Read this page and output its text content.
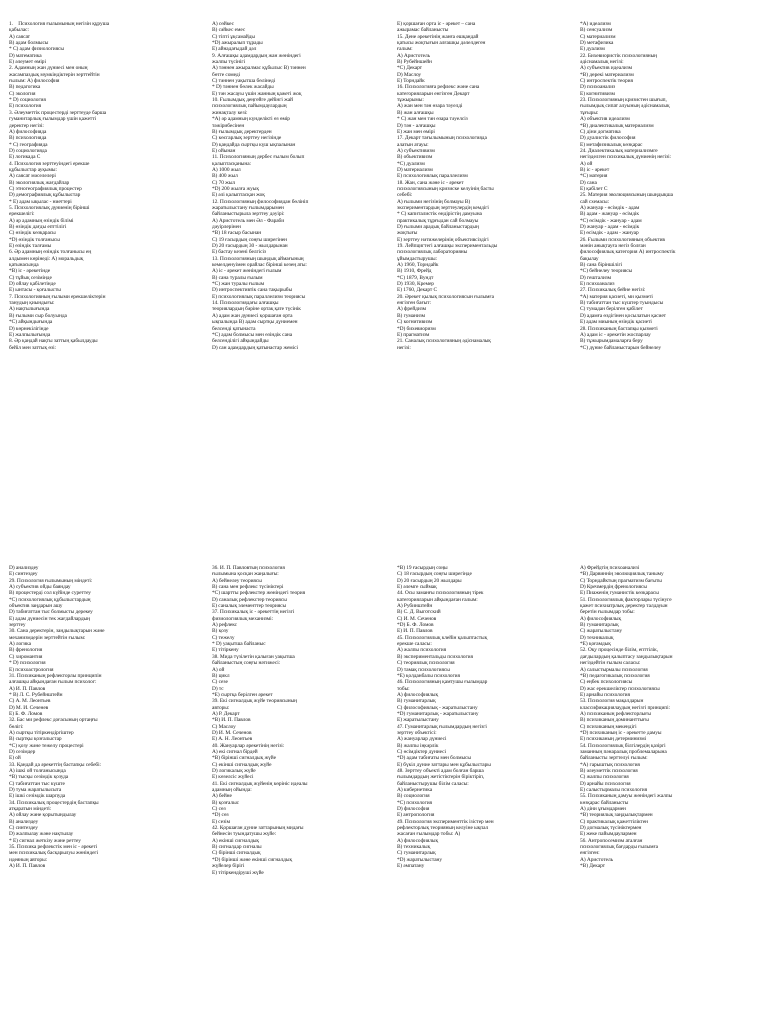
1. Психология ғылымының негізін құруша
қабылас:
A) саясат
B) адам болмысы
* C) адам физиологиясы
D) математика
E) әлеумет өмірі
2. Адамның жан дүниесі мен оның
жасампаздық мүмкіндіктерін зерттейтін
ғылым: A) философия
B) педагогика
C) экология
* D) социология
E) психология
3. Әлеуметтік процестерді зерттеуде барша
гуманитарлық ғылымдар үшін қажетті
деректер негізі:
A) философияда
B) психологияда
* C) географияда
D) социологияда
E) логикада C
4. Психология зерттеуіндегі ерекше
құбылыстар ауқымы:
A) саясат мәселелері
B) экологиялық жағдайлар
C) этногеографиялық процестер
D) демографиялық құбылыстар
* E) адам ықылас - ниеттері
5. Психологиялық дүниенің бірінші
ерекшелігі:
A) әр адамның өзіндік білімі
B) өзіндік дағды епттілігі
C) өзіндік көзқарасы
*D) өзіндік толғанысы
E) өзіндік талғамы
6. Әр адамның өзіндік толғанысы ең
алдымен көрінеді: A) моральдық
қатынасында
*B) іс - әрекетінде
C) тұйық сезімінде
D) ойлау қабілетінде
E) ынтасы - қоғалысты
7. Психологияның ғылыми ерекшеліктерін
танудың қиындығы:
A) нақтылығында
B) ғылыми сыр болуында
*C) айқындығында
D) көрнекілігінде
E) жалпылығында
8. Әр қандай нақты заттың қабылдауды
бейіл мен заттық өзі:
A) сөйкес
B) сәйкес емес
C) тіпті ұқсамайды
*D) ажыралып тұрады
E) айнадағыдай дәл
9. Алғашқы адамдардың жан жөніндегі
жалпы түсінігі
A) тәннен ажыралмас құбылыс B) тәннен
бөтге сомеді
C) тәннен уақытша бөлінеді
* D) тәннен бөлек жасайды
E) тән жасауы үшін жанның қажеті жоқ
10. Ғылымдық деңгейге дейінгі жай
психологиялық пайымдаулардың
жинақталу кезі:
*A) әр адамның күнделікті өз өмір
тәжірибесінен
B) ғылымдық деректерден
C) көсгарлық зерттеу негізінде
D) қандайда сыртқы күш ықпалынан
E) ойынан
11. Психологияның дербес ғылым болып
қалыптасқанына:
A) 1000 жыл
B) 400 жыл
C) 70 жыл
*D) 200 жылға жуық
E) әлі қалыптасқан жоқ
12. Психологияның философиядан бөлініп
жаратылыстану ғылымдарымен
байланыстырыла зерттеу дәуірі:
A) Аристотель мен Әл - Фараби
дәуірлерінен
*B) 18 ғасыр басынан
C) 19 ғасырдың соңғы ширегінен
D) 20 ғасырдың 30 - жылдарынан
E) бастау кезені белгісіз
13. Психологияның шындық аймағының
кемелденуімен орайлас бірінші кезең аты:
A) іс - әрекет жөніндегі ғылым
B) сана туралы ғылым
*C) жан туралы ғылым
D) интроспективтік сана тақырыбы
E) психологиялық параллелизм теориясы
14. Психологиядағы алғашқы
теориялардың бәріне ортақ қате түсінік
A) адам жан дүниесі қоршаған орта
ықпалында B) адам сыртқы дүниемен
белсенді қатынаста
*C) адам болмысы мен өзіндік сана
белсенділігі айқындайды
D) сан адамдардың қатынастар жемісі
E) қоршаған орта іс - әрекет – сана
ажырамас байланысты
15. Дене әрекетінің жанға ешқандай
қатысы жоқтығын алғашқы дәлелдеген
ғалым:
A) Аристотель
B) Рубейншейн
*C) Декарт
D) Маслоу
E) Торндайк
16. Психологияға рефлекс және сана
категорияларын енгізген Декарт
тұжырымы:
A) жан мен тән өзара тәуелді
B) жан алғашқы
* C) жан мен тән өзара тәуелсіз
D) тән - алғашқы
E) жан мен өмірі
17. Декарт тағылымының психологияда
алатын атауы:
A) субъективизм
B) объективизм
*C) дуализм
D) материализм
E) психологиялық параллелизм
18. Жан, сана және іс - әрекет
психологиясының кризиске келуінің басты
себебі:
A) ғылыми негізінің болмауы B)
экспериментардың зерттеулердің кемдігі
* C) капиталистік өндірістің дамуына
практикалық тұрғыдан сай болмауы
D) ғылыми арадық байланыстардың
жоқтығы
E) зерттеу нәтижелерінің объективсіздігі
19. Лейпцигтегі алғашқы экспериментальды
психологиялық лабораторияны
ұйымдастырушы:
A) 1960, Торндайк
B) 1910, Фрейд
*C) 1879, Вундт
D) 1930, Кремер
E) 1760, Декарт С
20. Әрекет қылық психологиясын ғылымға
енгізген бағыт:
A) фрейдизм
B) гуманизм
C) когнитивизм
*D) бихевиоризм
E) прагматизм
21. Саналық психологияның әдіснамалық
негізі:
*A) идеализм
B) сенсуализм
C) материализм
D) метафизика
E) дуализм
22. Бихевиористік психологияның
әдіснамалық негізі:
A) субъектив идеализм
*B) дөрекі материализм
C) интроспектік теория
D) психоанализ
E) когнитивизм
23. Психологияның кризистен шығып,
ғылымдық сипат алуының әдіснамалық
тұғыры:
A) объектив идеализм
*B) диалектикалық материализм
C) діни догматика
D) дуалистік философия
E) метафизикалық көзқарас
24. Диалектикалық материализмге
негізделген психикалық дүниенің негізі:
A) ой
B) іс - әрекет
*C) материя
D) сана
E) қабілет С
25. Материя эволюциясының шыңдықша
сай схемасы:
A) жануар - өсімдік - адам
B) адам - жануар - өсімдік
*C) өсімдік - жануар - адам
D) жануар - адам - өсімдік
E) өсімдік - адам - жануар
26. Ғылыми психологияның объектив
мәнін анықтауға негіз болған
философиялық категория A) интроспектік
бақылау
B) сана біріншілігі
*C) бейнелеу теориясы
D) гештализм
E) психоанализ
27. Психикалық бейне негізі:
*A) материя қасиеті, ми қызметі
B) табиғаттан тыс күштер туындысы
C) тумадан берілген қабілет
D) адамға өздігінен қосылатын қасиет
E) адам миының өзіндік қасиеті
28. Психиканың бастапқы қызметі
A) адам іс - әрекетін жоспарлау
B) тұжырымдамаларға беру
*C) дүние байланыстарын бейнелеу
D) анализдеу
E) синтездеу
29. Психология ғылымының міндеті:
A) субъектив ойды баяндау
B) процестерді сол күйінде суреттеу
*C) психологиялық құбылыстардың
объектив заңдарын ашу
D) табиғаттан тыс болмысты дерекеу
E) адам дүниесін тек жағдайлардың
зерттеу
30. Сана деректерін, заңдылықтарын және
механизмдерін зерттейтін ғылым:
A) логика
B) френология
C) хиромантия
* D) психология
E) психоастрология
31. Психиканың рефлекторлы принципін
алғашқы айқындаған ғылым психолог:
A) И. П. Павлов
* B) Л. С. Рубейнштейн
C) А. М. Леонтьев
D) М. И. Сеченев
E) Б. Ф. Ломов
32. Бас ми рефлекс доғасының ортаңғы
бөлігі:
A) сыртқы тітіркендіргіштер
B) сыртқы қозғалыстар
*C) қозу және тежелу процестері
D) сезімдер
E) ой
33. Қандай да әрекеттің бастапқы себебі:
A) ішкі ой толғанысында
*B) тысқы сезімдік қозуда
C) табиғаттан тыс күште
D) тума жаратылысыта
E) ішкі сезімдік шарпуда
34. Психикалық процестердің бастапқы
атқаратын міндеті:
A) ойлау және қорытындылау
B) анализдеу
C) синтездеу
D) жалпылау және нақтылау
* E) сигнал жеткізу және реттеу
35. Психика рефлекстік мен іс - әрекеті
мен психикалық басқарылуы жөніндегі
идеяның авторы:
A) И. П. Павлов
36. И. П. Павловтың психология
ғылымына қосқан жаңалығы:
A) бейнелеу теориясы
B) сана мен рефлекс түсініктері
*C) шартты рефлекстер жөніндегі теория
D) саналық рефлекстер теориясы
E) саналық элементтер теориясы
37. Психикалық іс - әрекеттің негізгі
физиологиялық механизмі:
A) рефлекс
B) қозу
C) тежелу
* D) уақытша байланыс
E) тітіркену
38. Мида түзілетін қалыған уақытша
байланыстың соңғы нәтижесі:
A) ой
B) цикл
C) сезе
D) тс
*E) сыртқа берілген әрекет
39. Екі сигналдық жүйе теориясының
авторы:
A) Р. Декарт
*B) И. П. Павлов
C) Маслоу
D) И. М. Сеченов
E) А. Н. Леонтьев
40. Жануарлар әрекетінің негізі:
A) екі сигнал бірдей
*B) бірінші сигналдық жүйе
C) екінші сигналдық жүйе
D) логикалық жүйе
E) көзелсіс жүйесі
41. Екі сигналдық жүйенің көрініс идеалы
адамның ойында:
A) бейне
B) қозғалыс
C) сөз
*D) сөз
E) сезім
42. Қоршаған дүние заттарының мидағы
бейнесін туындатушы жүйе:
A) екінші сигналдық
B) сигналдар сигналы
C) бірінші сигналдық
*D) бірінші және екінші сигналдық
жүйелер бірігі
E) тітіркендіруші жүйе
*B) 19 ғасырдың соңы
C) 18 ғасырдың соңғы ширегінде
D) 20 ғасырдың 20 жылдары
E) әлемге сыймақ
44. Осы заманғы психологияның тірек
категорияларын айқындаған ғалым:
A) Рубинштейн
B) С. Д. Выготский
C) И. М. Сеченов
*D) Б. Ф. Ломов
E) И. П. Павлов
45. Психологиялық клейін қалыптастық
ерекше саласы:
A) жалпы психология
B) экспериментальды психология
C) теориялық психология
D) тамақ психологиясы
*E) қолданбалы психология
46. Психологияның қамтушы ғылымдар
тобы:
A) философиялық
B) гуманитарлық
C) философиялық - жаратылыстану
*D) гуманитарлық - жаратылыстану
E) жаратылыстану
47. Гуманитарлық ғылымдардың негізгі
зерттеу объектісі:
A) жануарлар дүниесі
B) жалпы іңкәрлік
C) өсімдіктер дүниесі
*D) адам табиғаты мен болмысы
E) бүкіл дүние заттары мен құбылыстары
48. Зерттеу объекті адам болған барша
ғылымдардың жетістіктерін біріктіріп,
байланыстырушы білім саласы:
A) кибернетика
B) социология
*C) психология
D) философия
E) антропология
49. Психология эксперименттік ізістер мен
рефлекторлық теорияның келуіне ықпал
жасаған ғылымдар тобы: A)
A) философиялық
B) техникалық
C) гуманитарлық
*D) жаратылыстану
E) әмпатану
A) Фрейдтің психоанализі
*B) Дарвиннің эволюциялық таныму
C) Торндайктың прагматизм бағыты
D) Кречмердің френологиясы
E) Пиаженің гуманистік көзқарасы
51. Психологиялық факторлары түсінуге
қажет психиатрлық деректер талдауын
беретін ғылымдар тобы:
A) философиялық
B) гуманитарлық
C) жаратылыстану
D) техникалық
*E) қоғамдық
52. Оқу процесінде білім, епттілік,
дағдылардың қалыптасу заңдылықтарын
негіздейтін ғылым саласы:
A) салыстырмалы психология
*B) педагогикалық психология
C) еңбек психологиясы
D) жас ерекшеліктер психологиясы
E) арнайы психология
53. Психология мақалдарын
классификациялаудың негізгі принципі:
A) психиканың рефлекторлығы
B) психиканың доминанттығы
C) психиканың мекендігі
*D) психиканың іс - әрекетте дамуы
E) психиканың детерминизмі
54. Психологиялық білгілердің қазіргі
заманның пәнаралық проблемаларына
байланысты зерттелуі ғылым:
*A) гарыштық психология
B) әлеуметтік психология
C) жалпы психология
D) арнайы психология
E) салыстырмалы психология
55. Психиканың дамуы жөніндегі жалпы
көзқарас байланысты
A) діни ұғымдармен
*B) теориялық заңдылықтармен
C) практикалық қажеттіліктен
D) догмалық түсініктермен
E) жеке пайымдаулармен
56. Антропосемизм аталған
психологиялық бағдарды ғылымға
енгізген:
A) Аристотель
*B) Декарт
